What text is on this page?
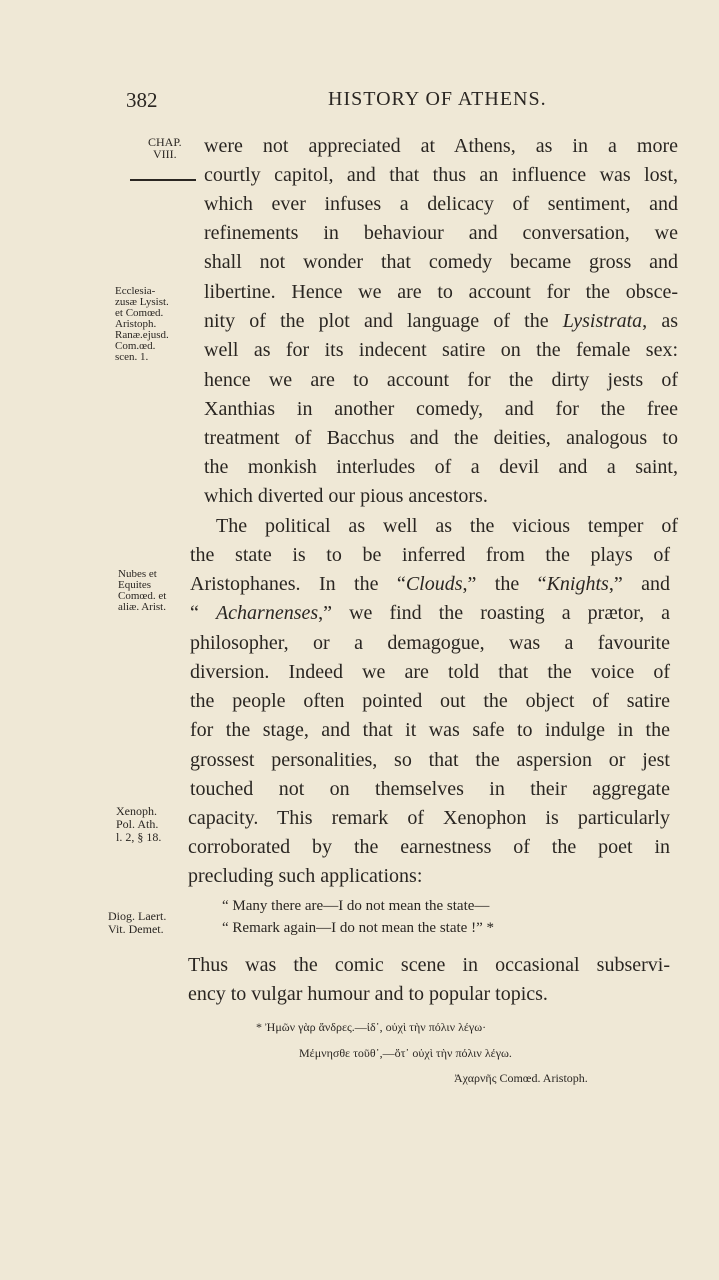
382	HISTORY OF ATHENS.
CHAP.
VIII. were not appreciated at Athens, as in a more
courtly capitol, and that thus an influence was lost,
which ever infuses a delicacy of sentiment, and
refinements in behaviour and conversation, we
shall not wonder that comedy became gross and
libertine. Hence we are to account for the obsce-
nity of the plot and language of the Lysistrata, as
well as for its indecent satire on the female sex:
hence we are to account for the dirty jests of
Xanthias in another comedy, and for the free
treatment of Bacchus and the deities, analogous to
the monkish interludes of a devil and a saint,
which diverted our pious ancestors.
The political as well as the vicious temper of
the state is to be inferred from the plays of
Aristophanes. In the “Clouds,” the “Knights,” and
“ Acharnenses,” we find the roasting a prætor, a
philosopher, or a demagogue, was a favourite
diversion. Indeed we are told that the voice of
the people often pointed out the object of satire
for the stage, and that it was safe to indulge in the
grossest personalities, so that the aspersion or jest
touched not on themselves in their aggregate
capacity. This remark of Xenophon is particularly
corroborated by the earnestness of the poet in
precluding such applications:
“ Many there are—I do not mean the state—
“ Remark again—I do not mean the state !” *
Thus was the comic scene in occasional subservi-
ency to vulgar humour and to popular topics.
Ecclesia-
zusæ Lysist.
et Comœd.
Aristoph.
Ranæ.ejusd.
Com.œd.
scen. 1.
Nubes et
Equites
Comœd. et
aliæ. Arist.
Xenoph.
Pol. Ath.
l. 2, § 18.
Diog. Laert.
Vit. Demet.
* Ἠμῶν γὰρ ἄνδρες.—ἰδ᾽, οὐχὶ τὴν πόλιν λέγω·
Μέμνησθε τοῦθ᾽,—ὅτ᾽ οὐχὶ τὴν πόλιν λέγω.
Ἀχαρνῆς Comœd. Aristoph.
